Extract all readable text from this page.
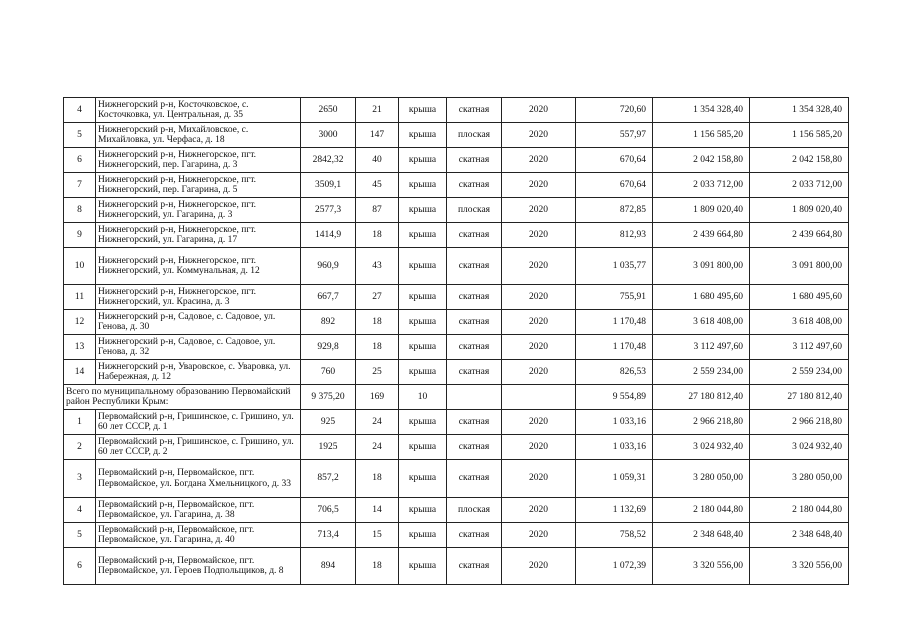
4	Нижнегорский р-н, Косточковское, с. Косточковка, ул. Центральная, д. 35	2650	21	крыша	скатная	2020	720,60	1 354 328,40	1 354 328,40
5	Нижнегорский р-н, Михайловское, с. Михайловка, ул. Черфаса, д. 18	3000	147	крыша	плоская	2020	557,97	1 156 585,20	1 156 585,20
6	Нижнегорский р-н, Нижнегорское, пгт. Нижнегорский, пер. Гагарина, д. 3	2842,32	40	крыша	скатная	2020	670,64	2 042 158,80	2 042 158,80
7	Нижнегорский р-н, Нижнегорское, пгт. Нижнегорский, пер. Гагарина, д. 5	3509,1	45	крыша	скатная	2020	670,64	2 033 712,00	2 033 712,00
8	Нижнегорский р-н, Нижнегорское, пгт. Нижнегорский, ул. Гагарина, д. 3	2577,3	87	крыша	плоская	2020	872,85	1 809 020,40	1 809 020,40
9	Нижнегорский р-н, Нижнегорское, пгт. Нижнегорский, ул. Гагарина, д. 17	1414,9	18	крыша	скатная	2020	812,93	2 439 664,80	2 439 664,80
10	Нижнегорский р-н, Нижнегорское, пгт. Нижнегорский, ул. Коммунальная, д. 12	960,9	43	крыша	скатная	2020	1 035,77	3 091 800,00	3 091 800,00
11	Нижнегорский р-н, Нижнегорское, пгт. Нижнегорский, ул. Красина, д. 3	667,7	27	крыша	скатная	2020	755,91	1 680 495,60	1 680 495,60
12	Нижнегорский р-н, Садовое, с. Садовое, ул. Генова, д. 30	892	18	крыша	скатная	2020	1 170,48	3 618 408,00	3 618 408,00
13	Нижнегорский р-н, Садовое, с. Садовое, ул. Генова, д. 32	929,8	18	крыша	скатная	2020	1 170,48	3 112 497,60	3 112 497,60
14	Нижнегорский р-н, Уваровское, с. Уваровка, ул. Набережная, д. 12	760	25	крыша	скатная	2020	826,53	2 559 234,00	2 559 234,00
Всего по муниципальному образованию Первомайский район Республики Крым:		9 375,20	169	10			9 554,89	27 180 812,40	27 180 812,40
1	Первомайский р-н, Гришинское, с. Гришино, ул. 60 лет СССР, д. 1	925	24	крыша	скатная	2020	1 033,16	2 966 218,80	2 966 218,80
2	Первомайский р-н, Гришинское, с. Гришино, ул. 60 лет СССР, д. 2	1925	24	крыша	скатная	2020	1 033,16	3 024 932,40	3 024 932,40
3	Первомайский р-н, Первомайское, пгт. Первомайское, ул. Богдана Хмельницкого, д. 33	857,2	18	крыша	скатная	2020	1 059,31	3 280 050,00	3 280 050,00
4	Первомайский р-н, Первомайское, пгт. Первомайское, ул. Гагарина, д. 38	706,5	14	крыша	плоская	2020	1 132,69	2 180 044,80	2 180 044,80
5	Первомайский р-н, Первомайское, пгт. Первомайское, ул. Гагарина, д. 40	713,4	15	крыша	скатная	2020	758,52	2 348 648,40	2 348 648,40
6	Первомайский р-н, Первомайское, пгт. Первомайское, ул. Героев Подпольщиков, д. 8	894	18	крыша	скатная	2020	1 072,39	3 320 556,00	3 320 556,00
